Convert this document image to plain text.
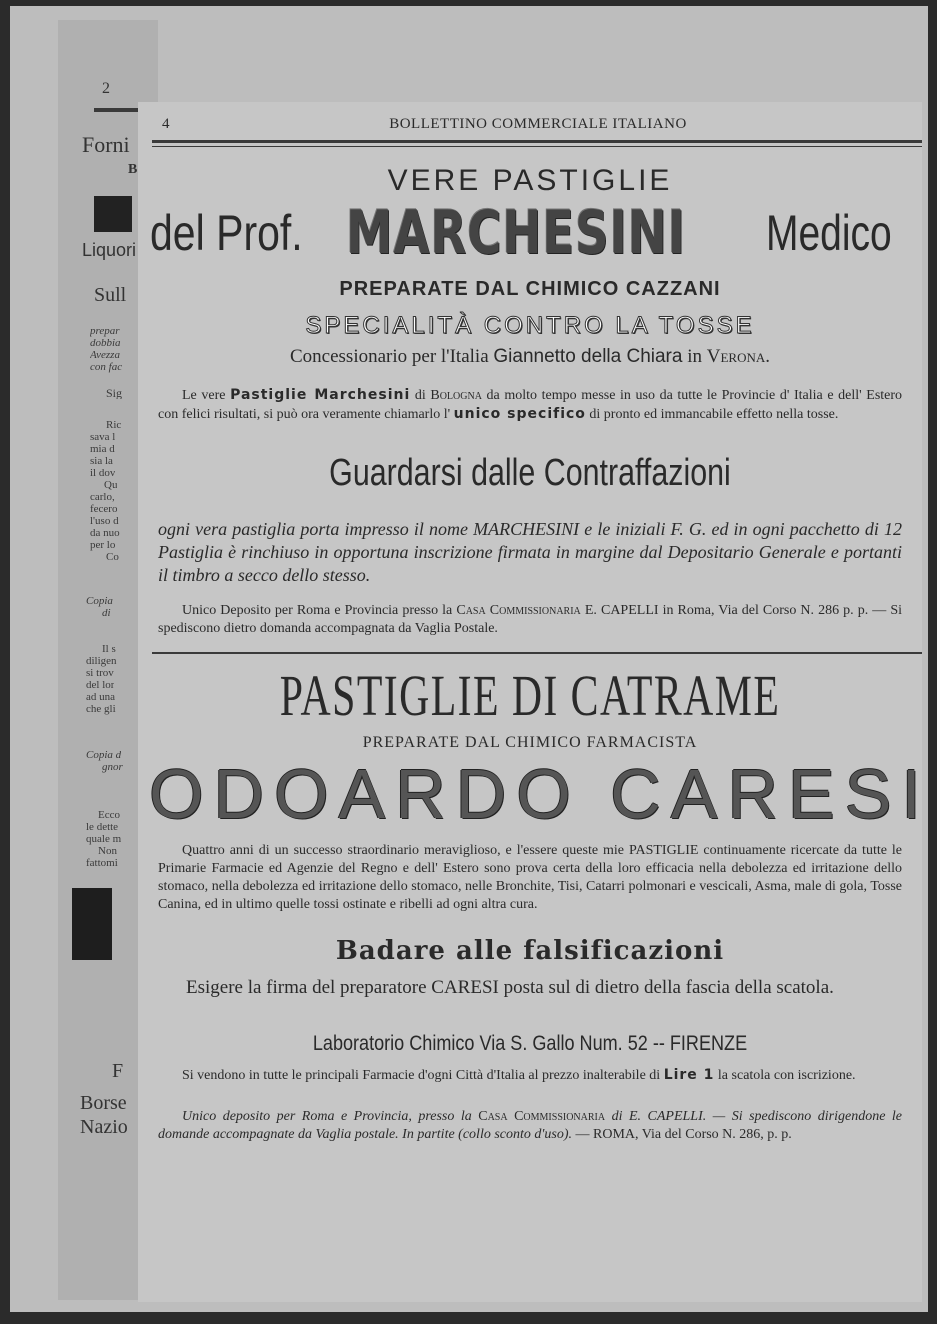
2
Forni
B
Liquori
Sull
prepar
dobbia
Avezza
con fac
Sig
Ric
sava l
mia d
sia la
il dov
Qu
carlo,
fecero
l'uso d
da nuo
per lo
Co
Copia
di
Il s
diligen
si trov
del lor
ad una
che gli
Copia d
gnor
Ecco
le dette
quale m
Non
fattomi
F
Borse
Nazio
4	BOLLETTINO COMMERCIALE ITALIANO
VERE PASTIGLIE
del Prof. MARCHESINI Medico
PREPARATE DAL CHIMICO CAZZANI
SPECIALITÀ CONTRO LA TOSSE
Concessionario per l'Italia Giannetto della Chiara in Verona.
Le vere Pastiglie Marchesini di Bologna da molto tempo messe in uso da tutte le Provincie d' Italia e dell' Estero con felici risultati, si può ora veramente chiamarlo l' unico specifico di pronto ed immancabile effetto nella tosse.
Guardarsi dalle Contraffazioni
ogni vera pastiglia porta impresso il nome MARCHESINI e le iniziali F. G. ed in ogni pacchetto di 12 Pastiglia è rinchiuso in opportuna inscrizione firmata in margine dal Depositario Generale e portanti il timbro a secco dello stesso.
Unico Deposito per Roma e Provincia presso la Casa Commissionaria E. CAPELLI in Roma, Via del Corso N. 286 p. p. — Si spediscono dietro domanda accompagnata da Vaglia Postale.
PASTIGLIE DI CATRAME
PREPARATE DAL CHIMICO FARMACISTA
ODOARDO CARESI
Quattro anni di un successo straordinario meraviglioso, e l'essere queste mie PASTIGLIE continuamente ricercate da tutte le Primarie Farmacie ed Agenzie del Regno e dell' Estero sono prova certa della loro efficacia nella debolezza ed irritazione dello stomaco, nella debolezza ed irritazione dello stomaco, nelle Bronchite, Tisi, Catarri polmonari e vescicali, Asma, male di gola, Tosse Canina, ed in ultimo quelle tossi ostinate e ribelli ad ogni altra cura.
Badare alle falsificazioni
Esigere la firma del preparatore CARESI posta sul di dietro della fascia della scatola.
Laboratorio Chimico Via S. Gallo Num. 52 -- FIRENZE
Si vendono in tutte le principali Farmacie d'ogni Città d'Italia al prezzo inalterabile di Lire 1 la scatola con iscrizione.
Unico deposito per Roma e Provincia, presso la Casa Commissionaria di E. CAPELLI. — Si spediscono dirigendone le domande accompagnate da Vaglia postale. In partite (collo sconto d'uso). — ROMA, Via del Corso N. 286, p. p.
